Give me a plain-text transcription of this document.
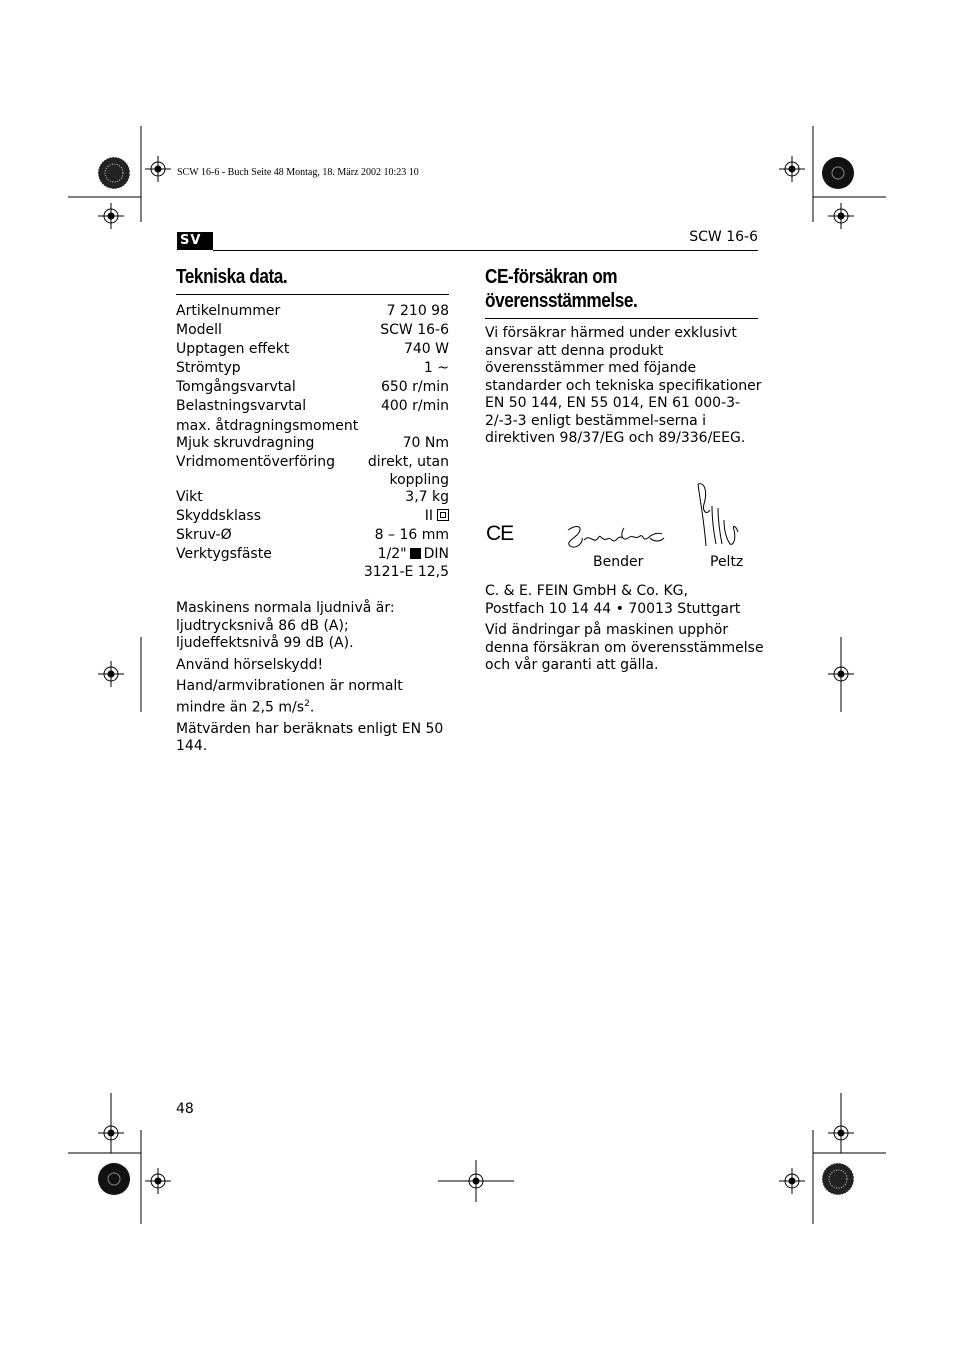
SCW 16-6 - Buch Seite 48 Montag, 18. März 2002 10:23 10
SV	SCW 16-6
Tekniska data.
Artikelnummer	7 210 98
Modell	SCW 16-6
Upptagen effekt	740 W
Strömtyp	1 ~
Tomgångsvarvtal	650 r/min
Belastningsvarvtal	400 r/min
max. åtdragningsmoment	
Mjuk skruvdragning	70 Nm
Vridmomentöverföring	direkt, utan
koppling
Vikt	3,7 kg
Skyddsklass	II
Skruv-Ø	8 – 16 mm
Verktygsfäste	1/2" DIN
3121-E 12,5

Maskinens normala ljudnivå är: ljudtrycksnivå 86 dB (A); ljudeffektsnivå 99 dB (A).

Använd hörselskydd!

Hand/armvibrationen är normalt mindre än 2,5 $m/s^2$.

Mätvärden har beräknats enligt EN 50 144.

CE-försäkran om
överensstämmelse.
Vi försäkrar härmed under exklusivt ansvar att denna produkt överensstämmer med föjande standarder och tekniska specifikationer EN 50 144, EN 55 014, EN 61 000-3-2/-3-3 enligt bestämmel-serna i direktiven 98/37/EG och 89/336/EEG.
CE
Bender	Peltz

C. & E. FEIN GmbH & Co. KG,
Postfach 10 14 44 • 70013 Stuttgart

Vid ändringar på maskinen upphör denna försäkran om överensstämmelse och vår garanti att gälla.

48
